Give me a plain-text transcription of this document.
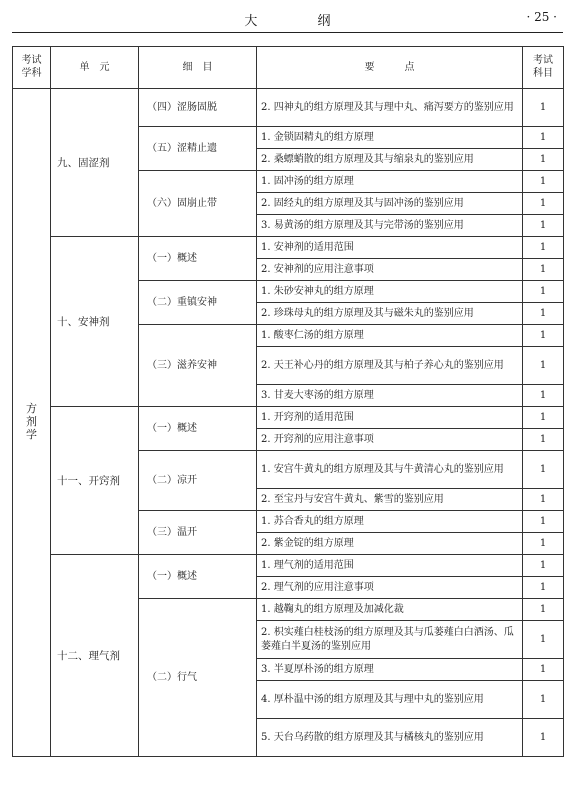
大 纲	· 25 ·
考试学科	单　元	细　目	要　　　点	考试科目
方剂学	九、固涩剂	（四）涩肠固脱	2. 四神丸的组方原理及其与理中丸、痛泻要方的鉴别应用	1
		（五）涩精止遗	1. 金锁固精丸的组方原理	1
			2. 桑螵蛸散的组方原理及其与缩泉丸的鉴别应用	1
		（六）固崩止带	1. 固冲汤的组方原理	1
			2. 固经丸的组方原理及其与固冲汤的鉴别应用	1
			3. 易黄汤的组方原理及其与完带汤的鉴别应用	1
	十、安神剂	（一）概述	1. 安神剂的适用范围	1
			2. 安神剂的应用注意事项	1
		（二）重镇安神	1. 朱砂安神丸的组方原理	1
			2. 珍珠母丸的组方原理及其与磁朱丸的鉴别应用	1
		（三）滋养安神	1. 酸枣仁汤的组方原理	1
			2. 天王补心丹的组方原理及其与柏子养心丸的鉴别应用	1
			3. 甘麦大枣汤的组方原理	1
	十一、开窍剂	（一）概述	1. 开窍剂的适用范围	1
			2. 开窍剂的应用注意事项	1
		（二）凉开	1. 安宫牛黄丸的组方原理及其与牛黄清心丸的鉴别应用	1
			2. 至宝丹与安宫牛黄丸、紫雪的鉴别应用	1
		（三）温开	1. 苏合香丸的组方原理	1
			2. 紫金锭的组方原理	1
	十二、理气剂	（一）概述	1. 理气剂的适用范围	1
			2. 理气剂的应用注意事项	1
		（二）行气	1. 越鞠丸的组方原理及加减化裁	1
			2. 枳实薤白桂枝汤的组方原理及其与瓜蒌薤白白酒汤、瓜蒌薤白半夏汤的鉴别应用	1
			3. 半夏厚朴汤的组方原理	1
			4. 厚朴温中汤的组方原理及其与理中丸的鉴别应用	1
			5. 天台乌药散的组方原理及其与橘核丸的鉴别应用	1
